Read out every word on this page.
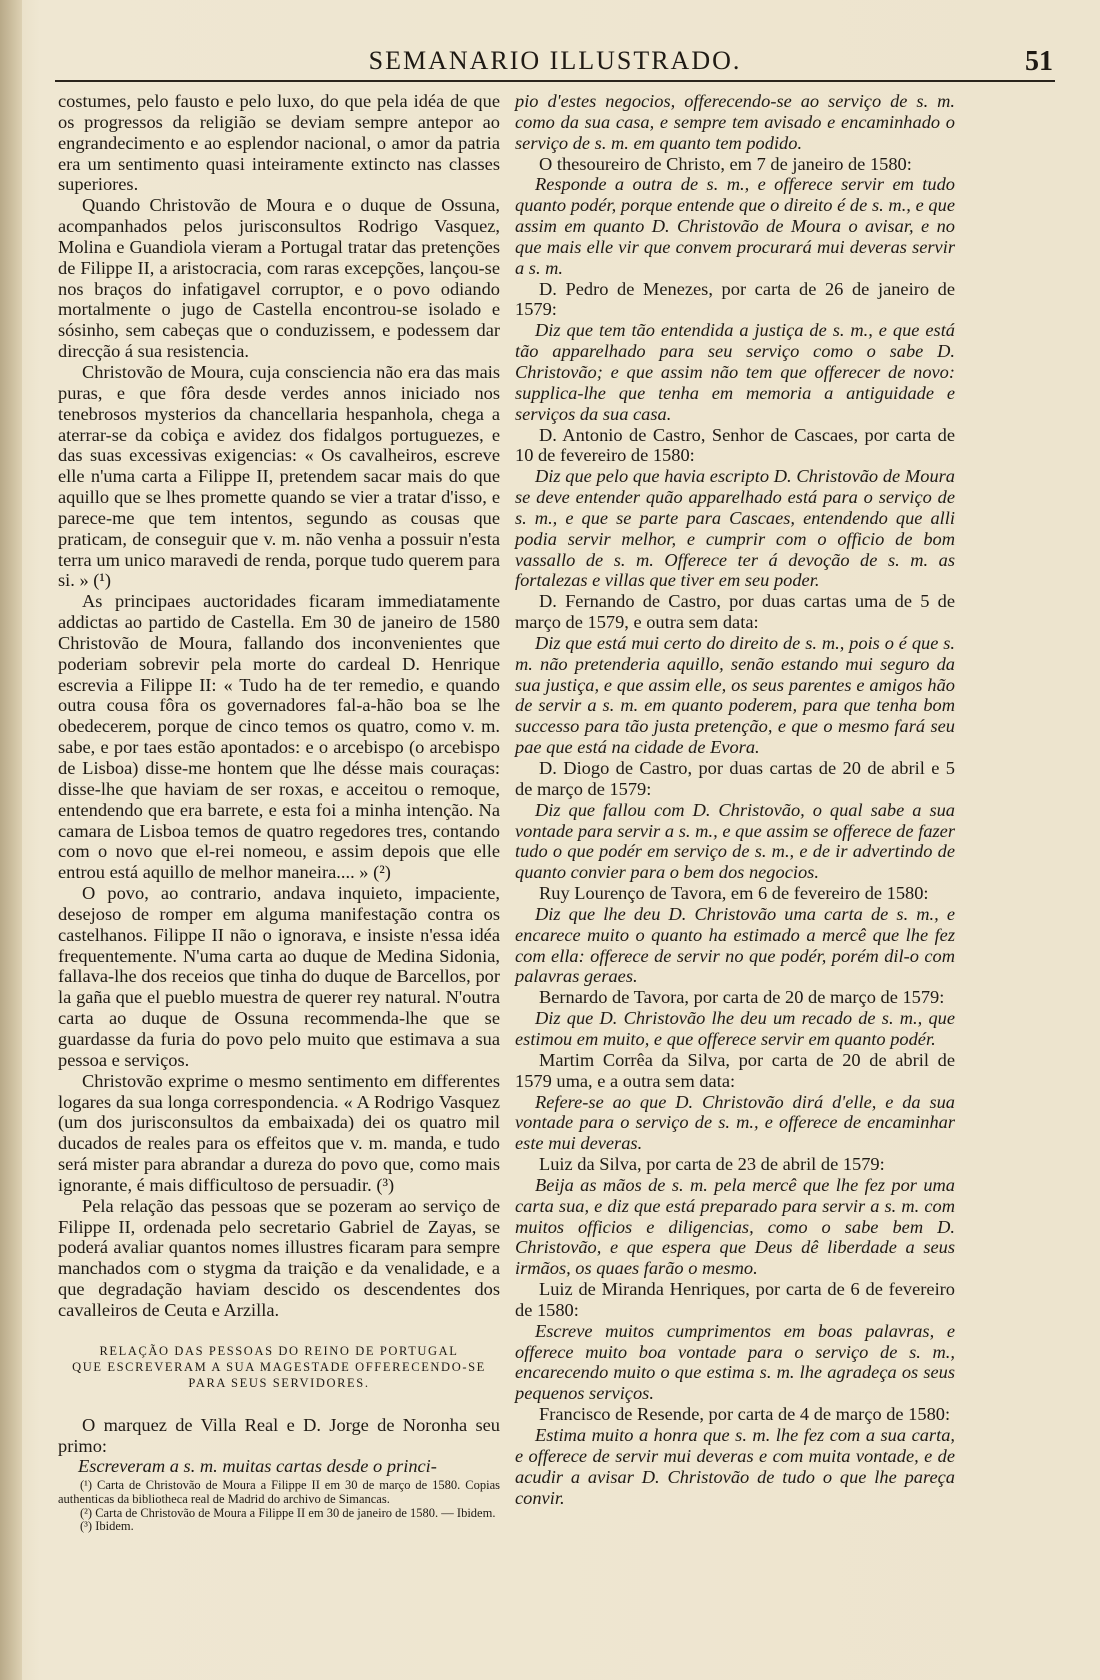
SEMANARIO ILLUSTRADO.	51

costumes, pelo fausto e pelo luxo, do que pela idéa de que os progressos da religião se deviam sempre antepor ao engrandecimento e ao esplendor nacional, o amor da patria era um sentimento quasi inteiramente extincto nas classes superiores.

Quando Christovão de Moura e o duque de Ossuna, acompanhados pelos jurisconsultos Rodrigo Vasquez, Molina e Guandiola vieram a Portugal tratar das pretenções de Filippe II, a aristocracia, com raras excepções, lançou-se nos braços do infatigavel corruptor, e o povo odiando mortalmente o jugo de Castella encontrou-se isolado e sósinho, sem cabeças que o conduzissem, e podessem dar direcção á sua resistencia.

Christovão de Moura, cuja consciencia não era das mais puras, e que fôra desde verdes annos iniciado nos tenebrosos mysterios da chancellaria hespanhola, chega a aterrar-se da cobiça e avidez dos fidalgos portuguezes, e das suas excessivas exigencias: « Os cavalheiros, escreve elle n'uma carta a Filippe II, pretendem sacar mais do que aquillo que se lhes promette quando se vier a tratar d'isso, e parece-me que tem intentos, segundo as cousas que praticam, de conseguir que v. m. não venha a possuir n'esta terra um unico maravedi de renda, porque tudo querem para si. » (¹)

As principaes auctoridades ficaram immediatamente addictas ao partido de Castella. Em 30 de janeiro de 1580 Christovão de Moura, fallando dos inconvenientes que poderiam sobrevir pela morte do cardeal D. Henrique escrevia a Filippe II: « Tudo ha de ter remedio, e quando outra cousa fôra os governadores fal-a-hão boa se lhe obedecerem, porque de cinco temos os quatro, como v. m. sabe, e por taes estão apontados: e o arcebispo (o arcebispo de Lisboa) disse-me hontem que lhe désse mais couraças: disse-lhe que haviam de ser roxas, e acceitou o remoque, entendendo que era barrete, e esta foi a minha intenção. Na camara de Lisboa temos de quatro regedores tres, contando com o novo que el-rei nomeou, e assim depois que elle entrou está aquillo de melhor maneira.... » (²)

O povo, ao contrario, andava inquieto, impaciente, desejoso de romper em alguma manifestação contra os castelhanos. Filippe II não o ignorava, e insiste n'essa idéa frequentemente. N'uma carta ao duque de Medina Sidonia, fallava-lhe dos receios que tinha do duque de Barcellos, por la gaña que el pueblo muestra de querer rey natural. N'outra carta ao duque de Ossuna recommenda-lhe que se guardasse da furia do povo pelo muito que estimava a sua pessoa e serviços.

Christovão exprime o mesmo sentimento em differentes logares da sua longa correspondencia. « A Rodrigo Vasquez (um dos jurisconsultos da embaixada) dei os quatro mil ducados de reales para os effeitos que v. m. manda, e tudo será mister para abrandar a dureza do povo que, como mais ignorante, é mais difficultoso de persuadir. (³)

Pela relação das pessoas que se pozeram ao serviço de Filippe II, ordenada pelo secretario Gabriel de Zayas, se poderá avaliar quantos nomes illustres ficaram para sempre manchados com o stygma da traição e da venalidade, e a que degradação haviam descido os descendentes dos cavalleiros de Ceuta e Arzilla.

RELAÇÃO DAS PESSOAS DO REINO DE PORTUGAL
QUE ESCREVERAM A SUA MAGESTADE OFFERECENDO-SE
PARA SEUS SERVIDORES.

O marquez de Villa Real e D. Jorge de Noronha seu primo:

Escreveram a s. m. muitas cartas desde o princi-

(¹) Carta de Christovão de Moura a Filippe II em 30 de março de 1580. Copias authenticas da bibliotheca real de Madrid do archivo de Simancas.
(²) Carta de Christovão de Moura a Filippe II em 30 de janeiro de 1580. — Ibidem.
(³) Ibidem.

pio d'estes negocios, offerecendo-se ao serviço de s. m. como da sua casa, e sempre tem avisado e encaminhado o serviço de s. m. em quanto tem podido.

O thesoureiro de Christo, em 7 de janeiro de 1580:

Responde a outra de s. m., e offerece servir em tudo quanto podér, porque entende que o direito é de s. m., e que assim em quanto D. Christovão de Moura o avisar, e no que mais elle vir que convem procurará mui deveras servir a s. m.

D. Pedro de Menezes, por carta de 26 de janeiro de 1579:

Diz que tem tão entendida a justiça de s. m., e que está tão apparelhado para seu serviço como o sabe D. Christovão; e que assim não tem que offerecer de novo: supplica-lhe que tenha em memoria a antiguidade e serviços da sua casa.

D. Antonio de Castro, Senhor de Cascaes, por carta de 10 de fevereiro de 1580:

Diz que pelo que havia escripto D. Christovão de Moura se deve entender quão apparelhado está para o serviço de s. m., e que se parte para Cascaes, entendendo que alli podia servir melhor, e cumprir com o officio de bom vassallo de s. m. Offerece ter á devoção de s. m. as fortalezas e villas que tiver em seu poder.

D. Fernando de Castro, por duas cartas uma de 5 de março de 1579, e outra sem data:

Diz que está mui certo do direito de s. m., pois o é que s. m. não pretenderia aquillo, senão estando mui seguro da sua justiça, e que assim elle, os seus parentes e amigos hão de servir a s. m. em quanto poderem, para que tenha bom successo para tão justa pretenção, e que o mesmo fará seu pae que está na cidade de Evora.

D. Diogo de Castro, por duas cartas de 20 de abril e 5 de março de 1579:

Diz que fallou com D. Christovão, o qual sabe a sua vontade para servir a s. m., e que assim se offerece de fazer tudo o que podér em serviço de s. m., e de ir advertindo de quanto convier para o bem dos negocios.

Ruy Lourenço de Tavora, em 6 de fevereiro de 1580:

Diz que lhe deu D. Christovão uma carta de s. m., e encarece muito o quanto ha estimado a mercê que lhe fez com ella: offerece de servir no que podér, porém dil-o com palavras geraes.

Bernardo de Tavora, por carta de 20 de março de 1579:

Diz que D. Christovão lhe deu um recado de s. m., que estimou em muito, e que offerece servir em quanto podér.

Martim Corrêa da Silva, por carta de 20 de abril de 1579 uma, e a outra sem data:

Refere-se ao que D. Christovão dirá d'elle, e da sua vontade para o serviço de s. m., e offerece de encaminhar este mui deveras.

Luiz da Silva, por carta de 23 de abril de 1579:

Beija as mãos de s. m. pela mercê que lhe fez por uma carta sua, e diz que está preparado para servir a s. m. com muitos officios e diligencias, como o sabe bem D. Christovão, e que espera que Deus dê liberdade a seus irmãos, os quaes farão o mesmo.

Luiz de Miranda Henriques, por carta de 6 de fevereiro de 1580:

Escreve muitos cumprimentos em boas palavras, e offerece muito boa vontade para o serviço de s. m., encarecendo muito o que estima s. m. lhe agradeça os seus pequenos serviços.

Francisco de Resende, por carta de 4 de março de 1580:

Estima muito a honra que s. m. lhe fez com a sua carta, e offerece de servir mui deveras e com muita vontade, e de acudir a avisar D. Christovão de tudo o que lhe pareça convir.
